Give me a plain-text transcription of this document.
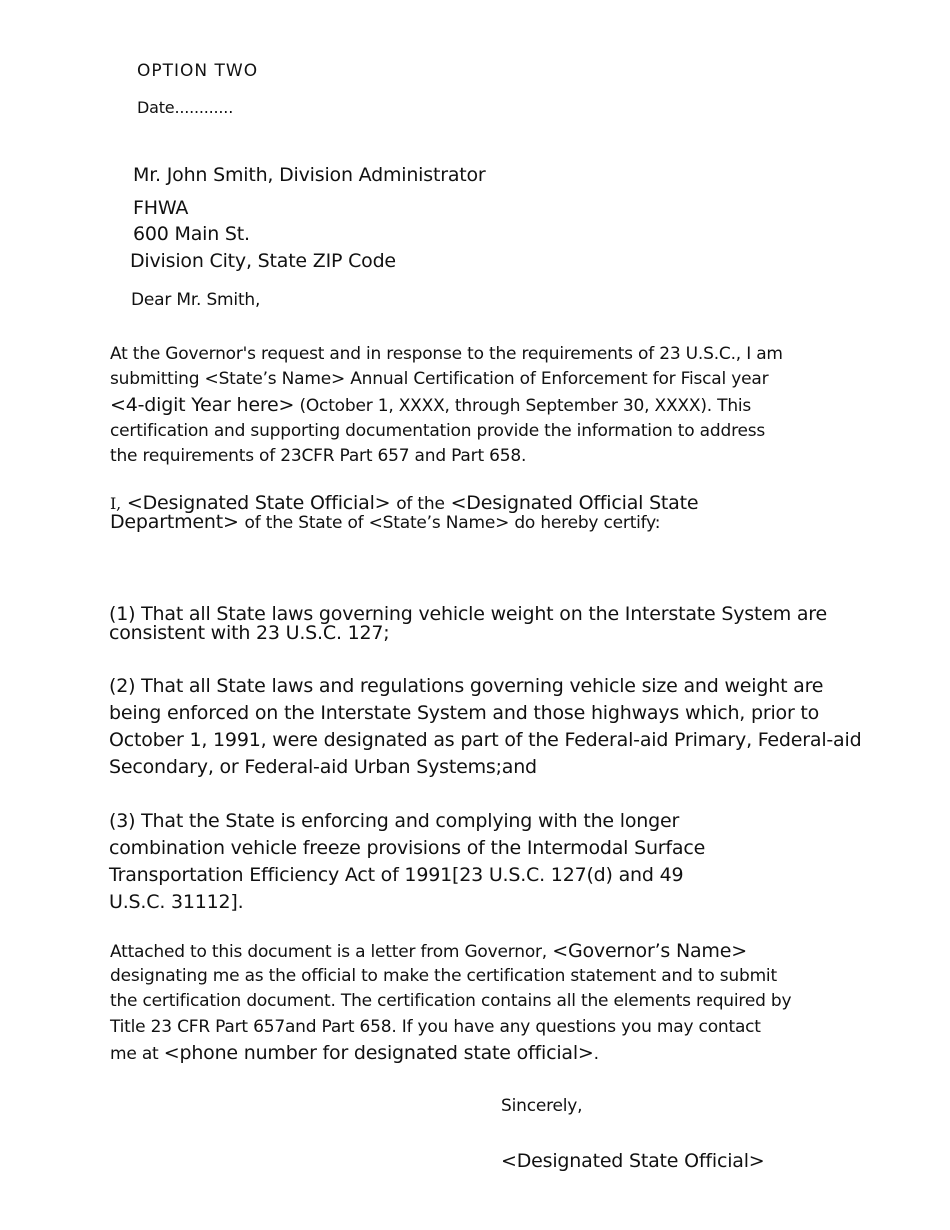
OPTION TWO
Date............
Mr. John Smith, Division Administrator
FHWA
600 Main St.
Division City, State ZIP Code
Dear Mr. Smith,
At the Governor's request and in response to the requirements of 23 U.S.C., I am
submitting <State’s Name> Annual Certification of Enforcement for Fiscal year
<4-digit Year here> (October 1, XXXX, through September 30, XXXX). This
certification and supporting documentation provide the information to address
the requirements of 23CFR Part 657 and Part 658.
I, <Designated State Official> of the <Designated Official State
Department> of the State of <State’s Name> do hereby certify:
(1) That all State laws governing vehicle weight on the Interstate System are
consistent with 23 U.S.C. 127;
(2) That all State laws and regulations governing vehicle size and weight are
being enforced on the Interstate System and those highways which, prior to
October 1, 1991, were designated as part of the Federal-aid Primary, Federal-aid
Secondary, or Federal-aid Urban Systems;and
(3) That the State is enforcing and complying with the longer
combination vehicle freeze provisions of the Intermodal Surface
Transportation Efficiency Act of 1991[23 U.S.C. 127(d) and 49
U.S.C. 31112].
Attached to this document is a letter from Governor, <Governor’s Name>
designating me as the official to make the certification statement and to submit
the certification document. The certification contains all the elements required by
Title 23 CFR Part 657and Part 658. If you have any questions you may contact
me at <phone number for designated state official>.
Sincerely,
<Designated State Official>
